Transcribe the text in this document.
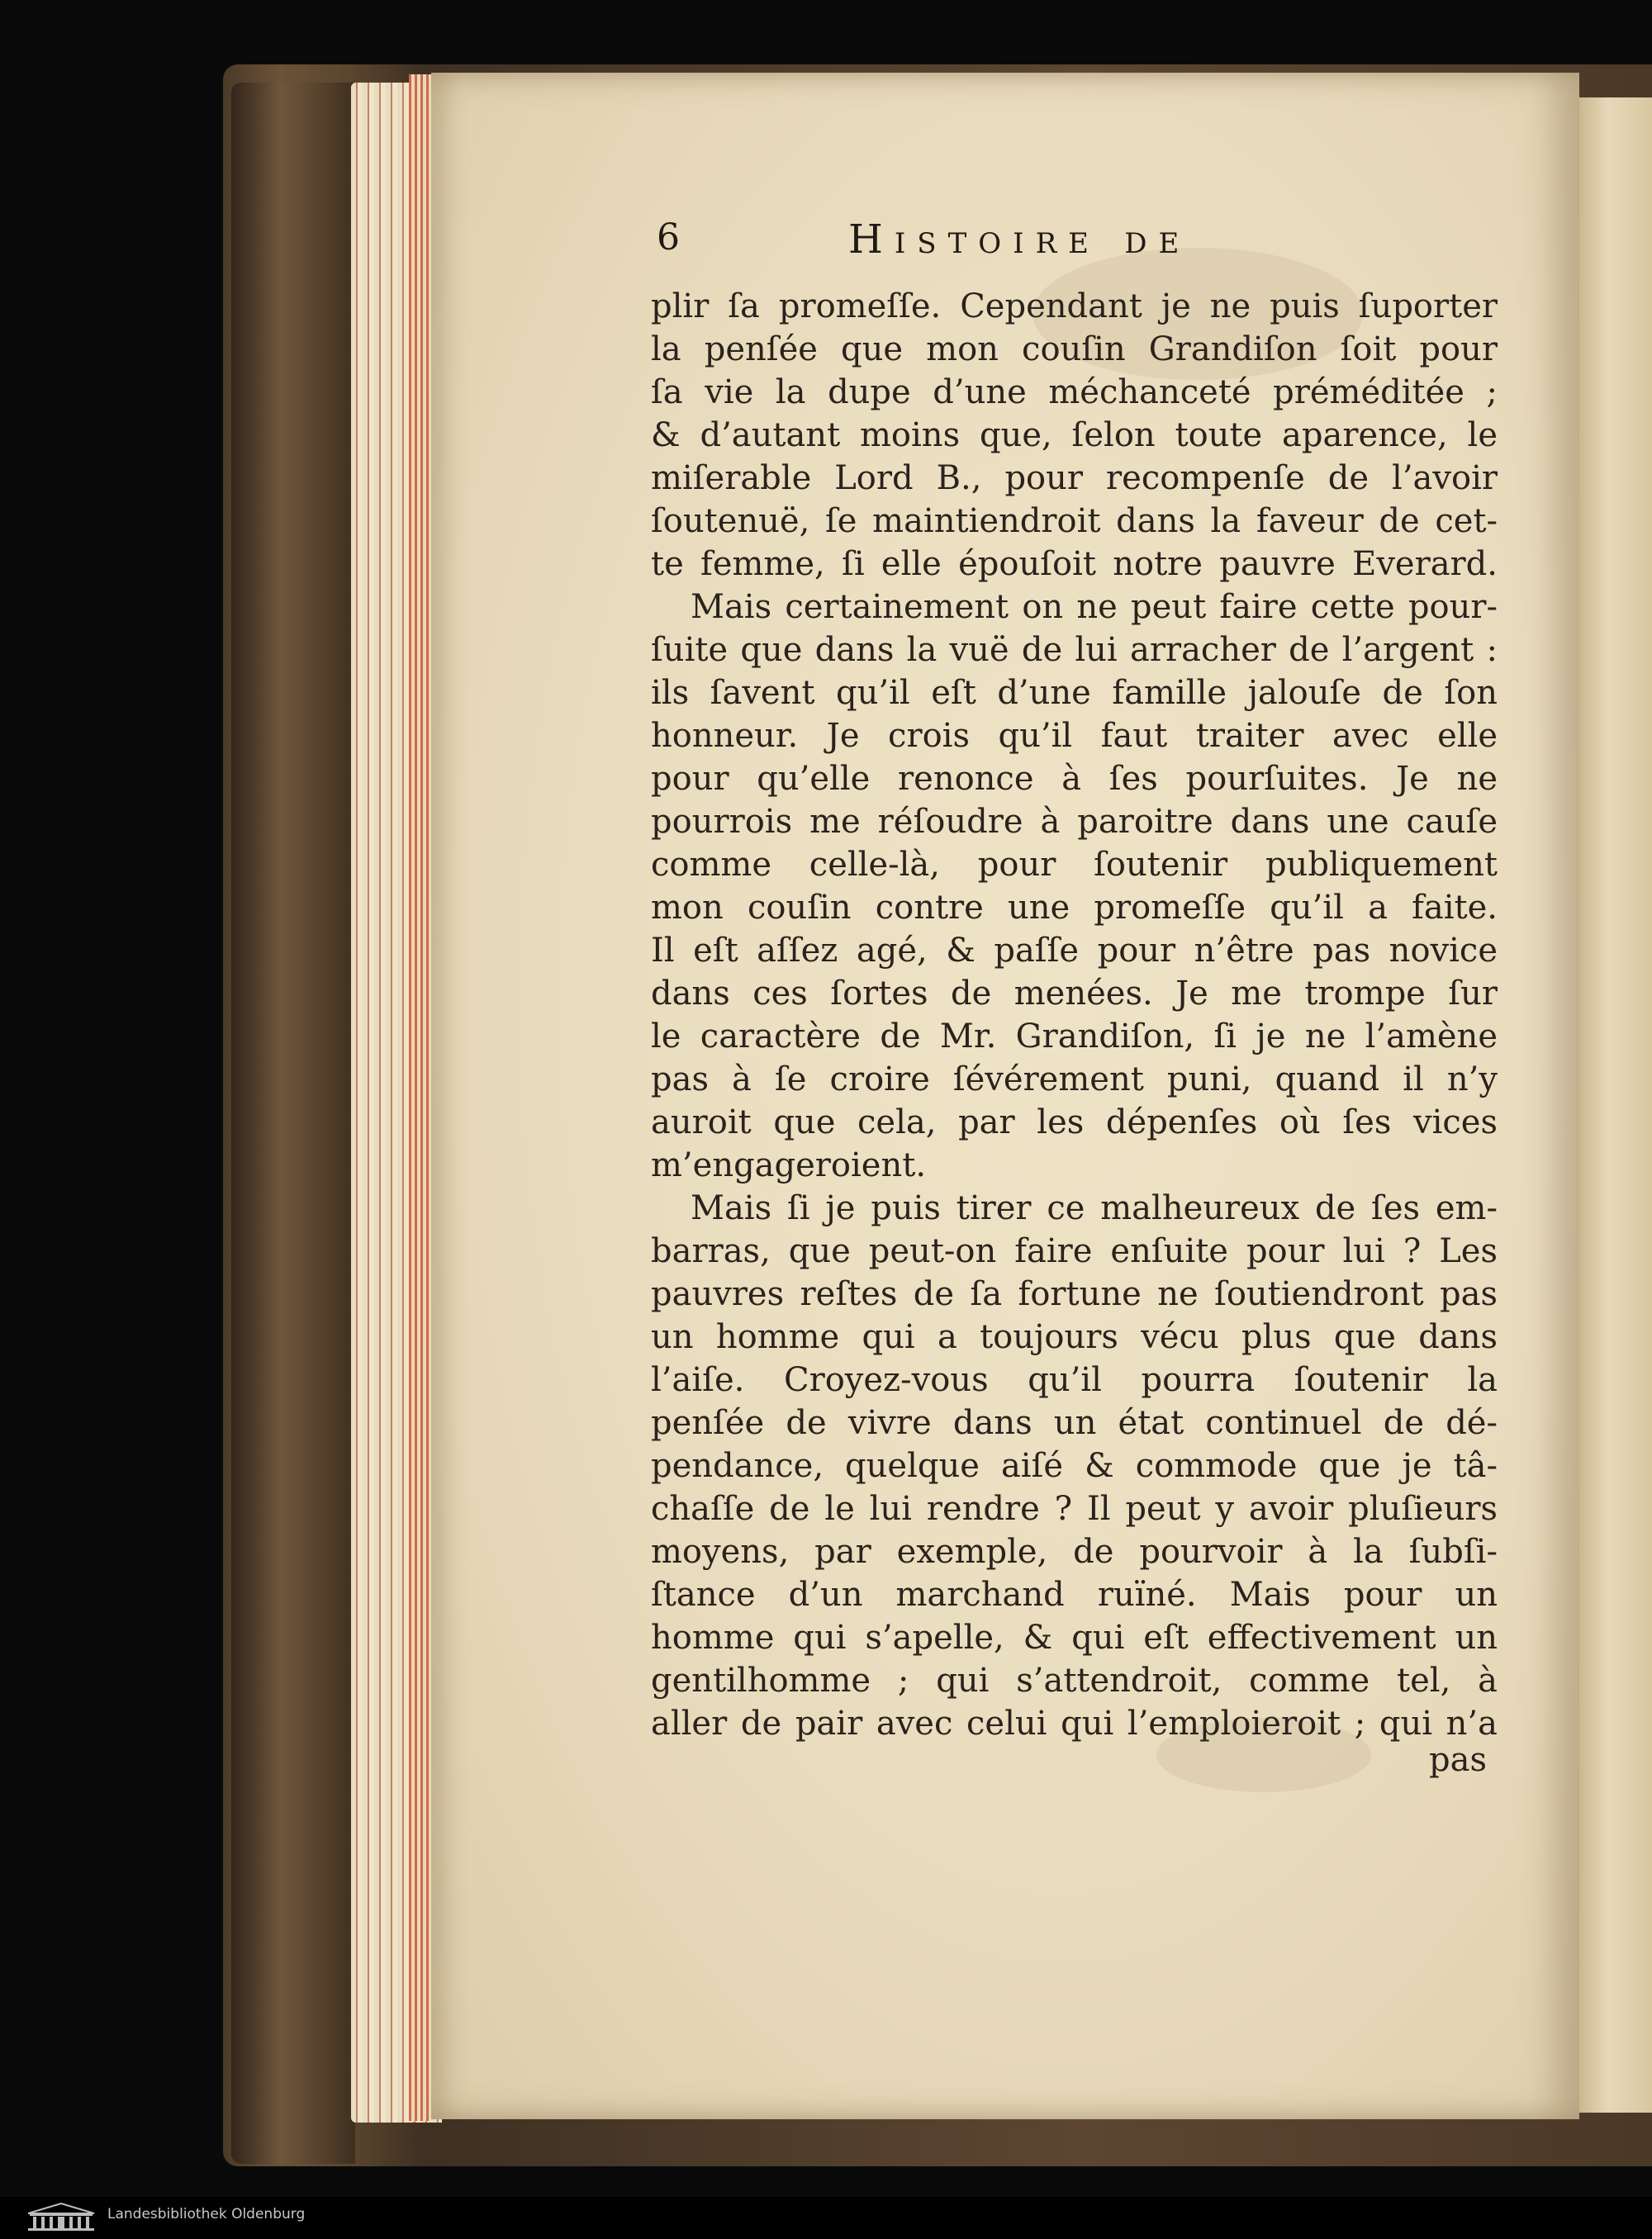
6	Histoire de
plir ſa promeſſe. Cependant je ne puis ſuporter
la penſée que mon couſin Grandiſon ſoit pour
ſa vie la dupe d’une méchanceté préméditée ;
& d’autant moins que, ſelon toute aparence, le
miſerable Lord B., pour recompenſe de l’avoir
ſoutenuë, ſe maintiendroit dans la faveur de cet-
te femme, ſi elle épouſoit notre pauvre Everard.
Mais certainement on ne peut faire cette pour-
ſuite que dans la vuë de lui arracher de l’argent :
ils ſavent qu’il eſt d’une famille jalouſe de ſon
honneur. Je crois qu’il faut traiter avec elle
pour qu’elle renonce à ſes pourſuites. Je ne
pourrois me réſoudre à paroitre dans une cauſe
comme celle-là, pour ſoutenir publiquement
mon couſin contre une promeſſe qu’il a faite.
Il eſt aſſez agé, & paſſe pour n’être pas novice
dans ces ſortes de menées. Je me trompe ſur
le caractère de Mr. Grandiſon, ſi je ne l’amène
pas à ſe croire ſévérement puni, quand il n’y
auroit que cela, par les dépenſes où ſes vices
m’engageroient.
Mais ſi je puis tirer ce malheureux de ſes em-
barras, que peut-on faire enſuite pour lui ? Les
pauvres reſtes de ſa fortune ne ſoutiendront pas
un homme qui a toujours vécu plus que dans
l’aiſe. Croyez-vous qu’il pourra ſoutenir la
penſée de vivre dans un état continuel de dé-
pendance, quelque aiſé & commode que je tâ-
chaſſe de le lui rendre ? Il peut y avoir pluſieurs
moyens, par exemple, de pourvoir à la ſubſi-
ſtance d’un marchand ruïné. Mais pour un
homme qui s’apelle, & qui eſt effectivement un
gentilhomme ; qui s’attendroit, comme tel, à
aller de pair avec celui qui l’emploieroit ; qui n’a
pas
Landesbibliothek Oldenburg
